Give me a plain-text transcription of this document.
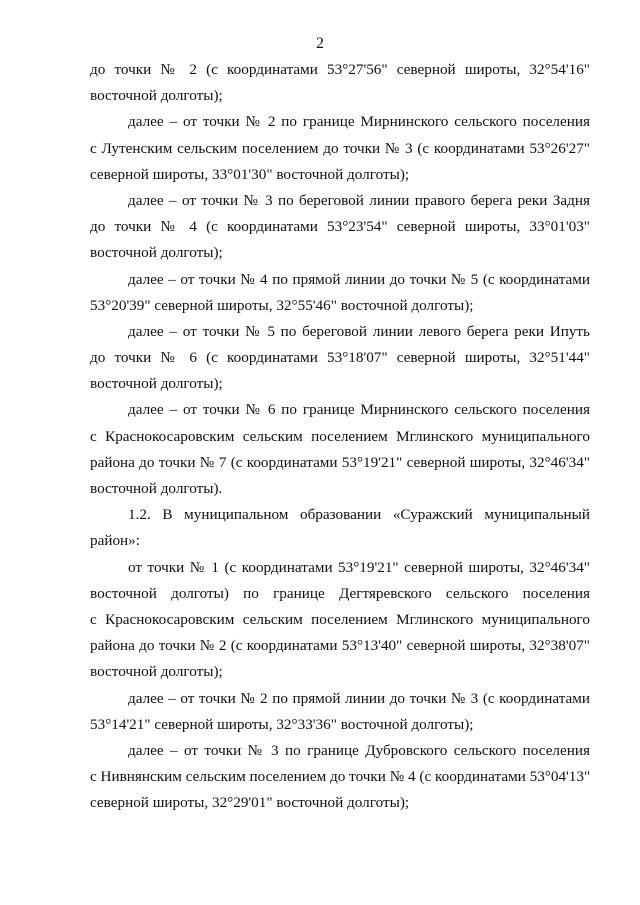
2
до точки № 2 (с координатами 53°27'56" северной широты, 32°54'16"
восточной долготы);
далее – от точки № 2 по границе Мирнинского сельского поселения
с Лутенским сельским поселением до точки № 3 (с координатами 53°26'27"
северной широты, 33°01'30" восточной долготы);
далее – от точки № 3 по береговой линии правого берега реки Задня
до точки № 4 (с координатами 53°23'54" северной широты, 33°01'03"
восточной долготы);
далее – от точки № 4 по прямой линии до точки № 5 (с координатами
53°20'39" северной широты, 32°55'46" восточной долготы);
далее – от точки № 5 по береговой линии левого берега реки Ипуть
до точки № 6 (с координатами 53°18'07" северной широты, 32°51'44"
восточной долготы);
далее – от точки № 6 по границе Мирнинского сельского поселения
с Краснокосаровским сельским поселением Мглинского муниципального
района до точки № 7 (с координатами 53°19'21" северной широты, 32°46'34"
восточной долготы).
1.2. В муниципальном образовании «Суражский муниципальный
район»:
от точки № 1 (с координатами 53°19'21" северной широты, 32°46'34"
восточной долготы) по границе Дегтяревского сельского поселения
с Краснокосаровским сельским поселением Мглинского муниципального
района до точки № 2 (с координатами 53°13'40" северной широты, 32°38'07"
восточной долготы);
далее – от точки № 2 по прямой линии до точки № 3 (с координатами
53°14'21" северной широты, 32°33'36" восточной долготы);
далее – от точки № 3 по границе Дубровского сельского поселения
с Нивнянским сельским поселением до точки № 4 (с координатами 53°04'13"
северной широты, 32°29'01" восточной долготы);
